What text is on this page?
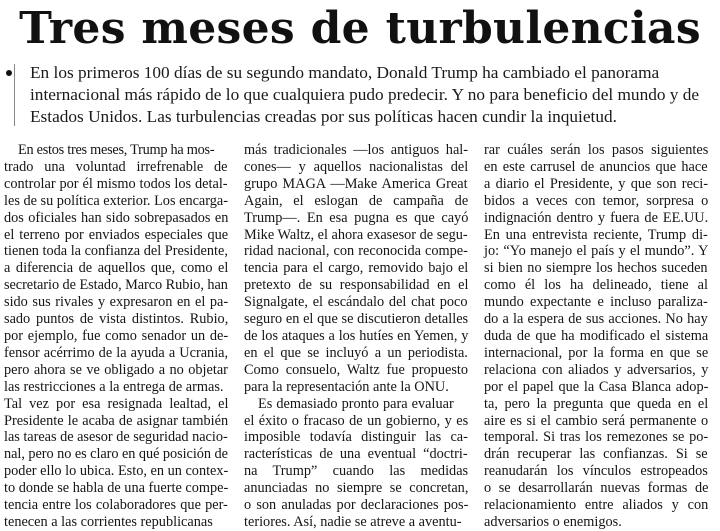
Tres meses de turbulencias

En los primeros 100 días de su segundo mandato, Donald Trump ha cambiado el panorama
internacional más rápido de lo que cualquiera pudo predecir. Y no para beneficio del mundo y de
Estados Unidos. Las turbulencias creadas por sus políticas hacen cundir la inquietud.

En estos tres meses, Trump ha mos-
trado una voluntad irrefrenable de
controlar por él mismo todos los detal-
les de su política exterior. Los encarga-
dos oficiales han sido sobrepasados en
el terreno por enviados especiales que
tienen toda la confianza del Presidente,
a diferencia de aquellos que, como el
secretario de Estado, Marco Rubio, han
sido sus rivales y expresaron en el pa-
sado puntos de vista distintos. Rubio,
por ejemplo, fue como senador un de-
fensor acérrimo de la ayuda a Ucrania,
pero ahora se ve obligado a no objetar
las restricciones a la entrega de armas.
Tal vez por esa resignada lealtad, el
Presidente le acaba de asignar también
las tareas de asesor de seguridad nacio-
nal, pero no es claro en qué posición de
poder ello lo ubica. Esto, en un contex-
to donde se habla de una fuerte compe-
tencia entre los colaboradores que per-
tenecen a las corrientes republicanas
más tradicionales —los antiguos hal-
cones— y aquellos nacionalistas del
grupo MAGA —Make America Great
Again, el eslogan de campaña de
Trump—. En esa pugna es que cayó
Mike Waltz, el ahora exasesor de segu-
ridad nacional, con reconocida compe-
tencia para el cargo, removido bajo el
pretexto de su responsabilidad en el
Signalgate, el escándalo del chat poco
seguro en el que se discutieron detalles
de los ataques a los hutíes en Yemen, y
en el que se incluyó a un periodista.
Como consuelo, Waltz fue propuesto
para la representación ante la ONU.
Es demasiado pronto para evaluar
el éxito o fracaso de un gobierno, y es
imposible todavía distinguir las ca-
racterísticas de una eventual “doctri-
na Trump” cuando las medidas
anunciadas no siempre se concretan,
o son anuladas por declaraciones pos-
teriores. Así, nadie se atreve a aventu-
rar cuáles serán los pasos siguientes
en este carrusel de anuncios que hace
a diario el Presidente, y que son reci-
bidos a veces con temor, sorpresa o
indignación dentro y fuera de EE.UU.
En una entrevista reciente, Trump di-
jo: “Yo manejo el país y el mundo”. Y
si bien no siempre los hechos suceden
como él los ha delineado, tiene al
mundo expectante e incluso paraliza-
do a la espera de sus acciones. No hay
duda de que ha modificado el sistema
internacional, por la forma en que se
relaciona con aliados y adversarios, y
por el papel que la Casa Blanca adop-
ta, pero la pregunta que queda en el
aire es si el cambio será permanente o
temporal. Si tras los remezones se po-
drán recuperar las confianzas. Si se
reanudarán los vínculos estropeados
o se desarrollarán nuevas formas de
relacionamiento entre aliados y con
adversarios o enemigos.
